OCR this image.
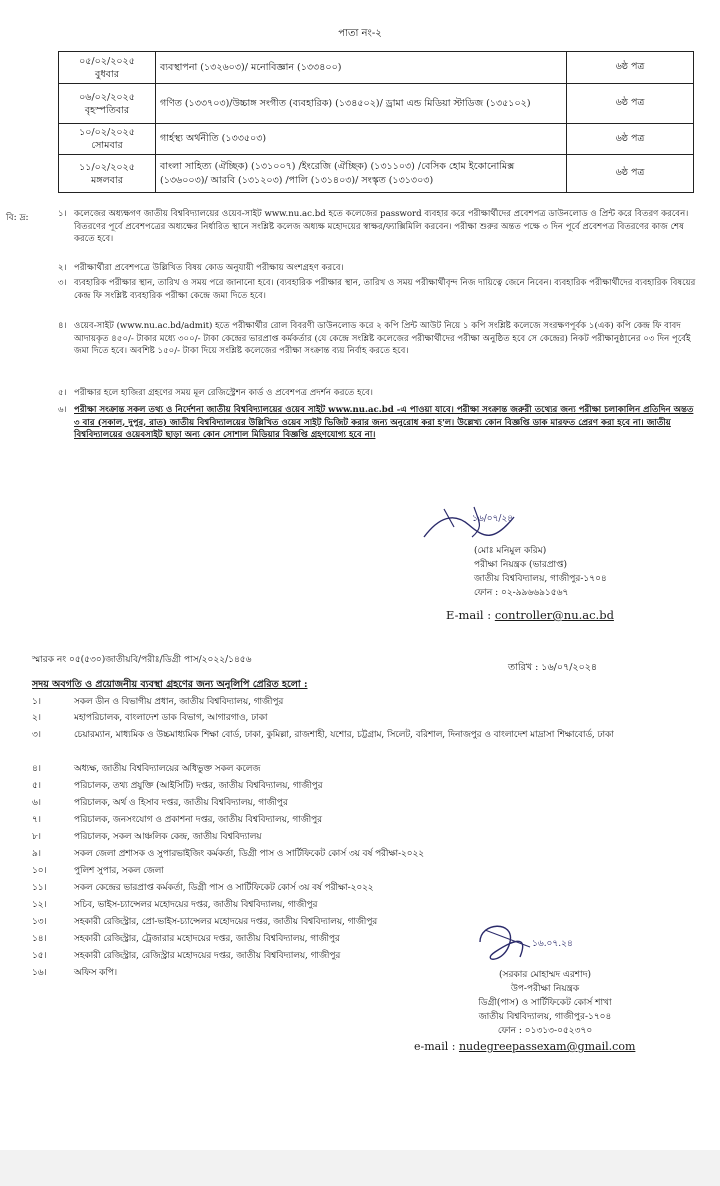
পাতা নং-২
০৫/০২/২০২৫
বুধবার	ব্যবস্থাপনা (১৩২৬০৩)/ মনোবিজ্ঞান (১৩৩৪০০)	৬ষ্ঠ পত্র

০৬/০২/২০২৫
বৃহস্পতিবার	গণিত (১৩৩৭০৩)/উচ্চাঙ্গ সংগীত (ব্যবহারিক) (১৩৪৫০২)/ ড্রামা এন্ড মিডিয়া স্টাডিজ (১৩৫১০২)	৬ষ্ঠ পত্র

১০/০২/২০২৫
সোমবার	গার্হস্থ্য অর্থনীতি (১৩৩৫০৩)	৬ষ্ঠ পত্র

১১/০২/২০২৫
মঙ্গলবার	বাংলা সাহিত্য (ঐচ্ছিক) (১৩১০০৭) /ইংরেজি (ঐচ্ছিক) (১৩১১০৩) /বেসিক হোম ইকোনোমিক্স (১৩৬০০৩)/ আরবি (১৩১২০৩) /পালি (১৩১৪০৩)/ সংস্কৃত (১৩১৩০৩)	৬ষ্ঠ পত্র
বি: দ্র:	১। কলেজের অধ্যক্ষগণ জাতীয় বিশ্ববিদ্যালয়ের ওয়েব-সাইট www.nu.ac.bd হতে কলেজের password ব্যবহার করে পরীক্ষার্থীদের প্রবেশপত্র ডাউনলোড ও প্রিন্ট করে বিতরণ করবেন। বিতরণের পূর্বে প্রবেশপত্রের অধ্যক্ষের নির্ধারিত স্থানে সংশ্লিষ্ট কলেজ অধ্যক্ষ মহোদয়ের স্বাক্ষর/ফ্যাক্সিমিলি করবেন। পরীক্ষা শুরুর অন্তত পক্ষে ৩ দিন পূর্বে প্রবেশপত্র বিতরণের কাজ শেষ করতে হবে।
২। পরীক্ষার্থীরা প্রবেশপত্রে উল্লিখিত বিষয় কোড অনুযায়ী পরীক্ষায় অংশগ্রহণ করবে।
৩। ব্যবহারিক পরীক্ষার স্থান, তারিখ ও সময় পরে জানানো হবে। (ব্যবহারিক পরীক্ষার স্থান, তারিখ ও সময় পরীক্ষার্থীবৃন্দ নিজ দায়িত্বে জেনে নিবেন। ব্যবহারিক পরীক্ষার্থীদের ব্যবহারিক বিষয়ের কেন্দ্র ফি সংশ্লিষ্ট ব্যবহারিক পরীক্ষা কেন্দ্রে জমা দিতে হবে।
৪। ওয়েব-সাইট (www.nu.ac.bd/admit) হতে পরীক্ষার্থীর রোল বিবরণী ডাউনলোড করে ২ কপি প্রিন্ট আউট নিয়ে ১ কপি সংশ্লিষ্ট কলেজে সংরক্ষণপূর্বক ১(এক) কপি কেন্দ্র ফি বাবদ আদায়কৃত ৪৫০/- টাকার মধ্যে ৩০০/- টাকা কেন্দ্রের ভারপ্রাপ্ত কর্মকর্তার (যে কেন্দ্রে সংশ্লিষ্ট কলেজের পরীক্ষার্থীদের পরীক্ষা অনুষ্ঠিত হবে সে কেন্দ্রের) নিকট পরীক্ষানুষ্ঠানের ০৩ দিন পূর্বেই জমা দিতে হবে। অবশিষ্ট ১৫০/- টাকা দিয়ে সংশ্লিষ্ট কলেজের পরীক্ষা সংক্রান্ত ব্যয় নির্বাহ করতে হবে।
৫। পরীক্ষার হলে হাজিরা গ্রহণের সময় মূল রেজিস্ট্রেশন কার্ড ও প্রবেশপত্র প্রদর্শন করতে হবে।
৬। পরীক্ষা সংক্রান্ত সকল তথ্য ও নির্দেশনা জাতীয় বিশ্ববিদ্যালয়ের ওয়েব সাইট www.nu.ac.bd -এ পাওয়া যাবে। পরীক্ষা সংক্রান্ত জরুরী তথ্যের জন্য পরীক্ষা চলাকালিন প্রতিদিন অন্তত ৩ বার (সকাল, দুপুর, রাত) জাতীয় বিশ্ববিদ্যালয়ের উল্লিখিত ওয়েব সাইট ভিজিট করার জন্য অনুরোধ করা হ'ল। উল্লেখ্য কোন বিজ্ঞপ্তি ডাক মারফত প্রেরণ করা হবে না। জাতীয় বিশ্ববিদ্যালয়ের ওয়েবসাইট ছাড়া অন্য কোন সোশাল মিডিয়ার বিজ্ঞপ্তি গ্রহণযোগ্য হবে না।
১৬/০৭/২৪
(মোঃ মনিমুল করিম)
পরীক্ষা নিয়ন্ত্রক (ভারপ্রাপ্ত)
জাতীয় বিশ্ববিদ্যালয়, গাজীপুর-১৭০৪
ফোন : ০২-৯৯৬৬৯১৫৬৭
E-mail : controller@nu.ac.bd
স্মারক নং ০৫(৫৩০)জাতীয়বি/পরীঃ/ডিগ্রী পাস/২০২২/১৪৫৬
তারিখ : ১৬/০৭/২০২৪
সদয় অবগতি ও প্রয়োজনীয় ব্যবস্থা গ্রহণের জন্য অনুলিপি প্রেরিত হলো :
১।	সকল ডীন ও বিভাগীয় প্রধান, জাতীয় বিশ্ববিদ্যালয়, গাজীপুর
২।	মহাপরিচালক, বাংলাদেশ ডাক বিভাগ, আগারগাও, ঢাকা
৩।	চেয়ারম্যান, মাধ্যমিক ও উচ্চমাধ্যমিক শিক্ষা বোর্ড, ঢাকা, কুমিল্লা, রাজশাহী, যশোর, চট্টগ্রাম, সিলেট, বরিশাল, দিনাজপুর ও বাংলাদেশ মাদ্রাসা শিক্ষাবোর্ড, ঢাকা
৪।	অধ্যক্ষ, জাতীয় বিশ্ববিদ্যালয়ের অধিভুক্ত সকল কলেজ
৫।	পরিচালক, তথ্য প্রযুক্তি (আইসিটি) দপ্তর, জাতীয় বিশ্ববিদ্যালয়, গাজীপুর
৬।	পরিচালক, অর্থ ও হিসাব দপ্তর, জাতীয় বিশ্ববিদ্যালয়, গাজীপুর
৭।	পরিচালক, জনসংযোগ ও প্রকাশনা দপ্তর, জাতীয় বিশ্ববিদ্যালয়, গাজীপুর
৮।	পরিচালক, সকল আঞ্চলিক কেন্দ্র, জাতীয় বিশ্ববিদ্যালয়
৯।	সকল জেলা প্রশাসক ও সুপারভাইজিং কর্মকর্তা, ডিগ্রী পাস ও সার্টিফিকেট কোর্স ৩য় বর্ষ পরীক্ষা-২০২২
১০।	পুলিশ সুপার, সকল জেলা
১১।	সকল কেন্দ্রের ভারপ্রাপ্ত কর্মকর্তা, ডিগ্রী পাস ও সার্টিফিকেট কোর্স ৩য় বর্ষ পরীক্ষা-২০২২
১২।	সচিব, ভাইস-চ্যান্সেলর মহোদয়ের দপ্তর, জাতীয় বিশ্ববিদ্যালয়, গাজীপুর
১৩।	সহকারী রেজিস্ট্রার, প্রো-ভাইস-চ্যান্সেলর মহোদয়ের দপ্তর, জাতীয় বিশ্ববিদ্যালয়, গাজীপুর
১৪।	সহকারী রেজিস্ট্রার, ট্রেজারার মহোদয়ের দপ্তর, জাতীয় বিশ্ববিদ্যালয়, গাজীপুর
১৫।	সহকারী রেজিস্ট্রার, রেজিস্ট্রার মহোদয়ের দপ্তর, জাতীয় বিশ্ববিদ্যালয়, গাজীপুর
১৬।	অফিস কপি।
১৬.০৭.২৪
(সরকার মোহাম্মদ এরশাদ)
উপ-পরীক্ষা নিয়ন্ত্রক
ডিগ্রী(পাস) ও সার্টিফিকেট কোর্স শাখা
জাতীয় বিশ্ববিদ্যালয়, গাজীপুর-১৭০৪
ফোন : ০১৩১৩-০৫২৩৭০
e-mail : nudegreepassexam@gmail.com
